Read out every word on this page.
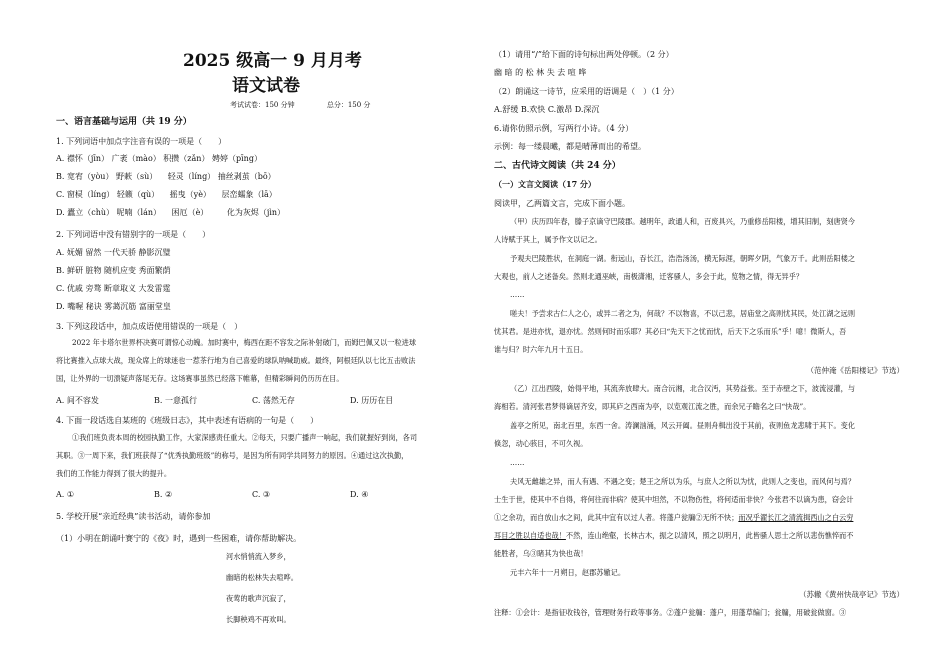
2025 级高一 9 月月考
语文试卷
考试试卷：150 分钟	总分：150 分
一、语言基础与运用（共 19 分）
1. 下列词语中加点字注音有误的一项是（　　）
A. 襟怀（jīn） 广袤（mào） 积攒（zǎn） 娉婷（pīng）
B. 宽宥（yòu） 野蔌（sù） 　轻灵（líng） 抽丝剥茧（bō）
C. 窗棂（líng） 轻籁（qù） 　摇曳（yè） 　层峦蠕象（lā）
D. 蠹立（chù） 呢喃（lán） 　困厄（è） 　　化为灰烬（jìn）
2. 下列词语中没有错别字的一项是（　　）
A. 妩媚 留然 一代天骄 静影沉璧
B. 鲜研 脏物 随机应变 秀面繁荫
C. 优戚 旁骛 断章取义 大发雷霆
D. 嘴喔 秘诀 雾蔼沉筋 富丽堂皇
3. 下列这段话中，加点成语使用错误的一项是（　）
2022 年卡塔尔世界杯决赛可谓惊心动魄。加时赛中，梅西在距不容发之际补射破门，而姆巴佩又以一粒进球
将比赛推入点球大战，现众席上的球迷也一惹茶行地为自己喜爱的球队呐喊助威。最终，阿根廷队以七比五击败法
国，让外界的一切溃疑声落尾无存。这场赛事虽然已经落下帷幕，但精彩瞬间仍历历在目。
A. 间不容发	B. 一意孤行	C. 荡然无存	D. 历历在目
4. 下面一段话选自某班的《班级日志》，其中表述有语病的一句是（　　）
①我们班负责本周的校园执勤工作，大家深感责任重大。②每天，只要广播声一响起，我们就握好到岗，各司
其职。③一周下来，我们班获得了“优秀执勤班级”的称号，是因为所有同学共同努力的原因。④通过这次执勤，
我们的工作能力得到了很大的提升。
A. ①	B. ②	C. ③	D. ④
5. 学校开展“亲近经典”读书活动，请你参加
（1）小明在朗诵叶赛宁的《夜》时，遇到一些困难，请你帮助解决。
河水悄悄流入梦乡，
幽暗的松林失去喧哗。
夜莺的歌声沉寂了，
长脚秧鸡不再欢叫。
（1）请用“/”给下面的诗句标出两处停顿。（2 分）
幽 暗 的 松 林 失 去 喧 哗
（2）朗诵这一诗节，应采用的语调是（　）（1 分）
A.舒缓 B.欢快 C.激昂 D.深沉
6.请你仿照示例，写两行小诗。（4 分）
示例：每一缕晨曦，都是晴薄而出的希望。
二、古代诗文阅读（共 24 分）
（一）文言文阅读（17 分）
阅读甲，乙两篇文言，完成下面小题。
（甲）庆历四年春，滕子京谪守巴陵郡。越明年，政通人和，百废具兴，乃重修岳阳楼，增其旧制，刻唐贤今
人诗赋于其上，属予作文以记之。
予观夫巴陵胜状，在洞庭一湖。衔远山，吞长江，浩浩汤汤，横无际涯，朝晖夕阴，气象万千。此则岳阳楼之
大观也，前人之述备矣。然则北通巫峡，南极潇湘，迁客骚人，多会于此，览物之情，得无异乎？
……
嗟夫！予尝求古仁人之心，或异二者之为，何哉？不以物喜，不以己悲，居庙堂之高则忧其民，处江湖之远则
忧其君。是进亦忧，退亦忧。然则何时而乐耶？其必曰“先天下之忧而忧，后天下之乐而乐”乎！噫！微斯人，吾
谁与归？时六年九月十五日。
（范仲淹《岳阳楼记》节选）
（乙）江出西陵，始得平地，其流奔放肆大。南合沅湘，北合汉沔，其势益张。至于赤壁之下，波流浸灌，与
海相若。清河张君梦得谪居齐安，即其庐之西南为亭，以览观江流之胜，而余兄子瞻名之曰“快哉”。
盖亭之所见，南北百里，东西一舍。涛澜汹涌，风云开阖。昼则舟楫出没于其前，夜则鱼龙悲啸于其下。变化
倏忽，动心骇目，不可久视。
……
夫风无雌雄之异，而人有遇、不遇之变；楚王之所以为乐，与庶人之所以为忧，此则人之变也，而风何与焉？
士生于世，使其中不自得，将何往而非病？使其中坦然，不以物伤性，将何适而非快？今张君不以谪为患，窃会计
①之余功，而自放山水之间，此其中宜有以过人者。将蓬户瓮牖②无所不快；而况乎濯长江之清流揖西山之白云穷
耳目之胜以自适也哉！不然，连山绝壑，长林古木，振之以清风，照之以明月，此皆骚人思士之所以悲伤憔悴而不
能胜者，乌③睹其为快也哉！
元丰六年十一月朔日，赵郡苏辙记。
（苏辙《黄州快哉亭记》节选）
注释：①会计：是指征收钱谷，管理财务行政等事务。②蓬户瓮牖：蓬户，用蓬草编门；瓮牖，用破瓮做窗。③
